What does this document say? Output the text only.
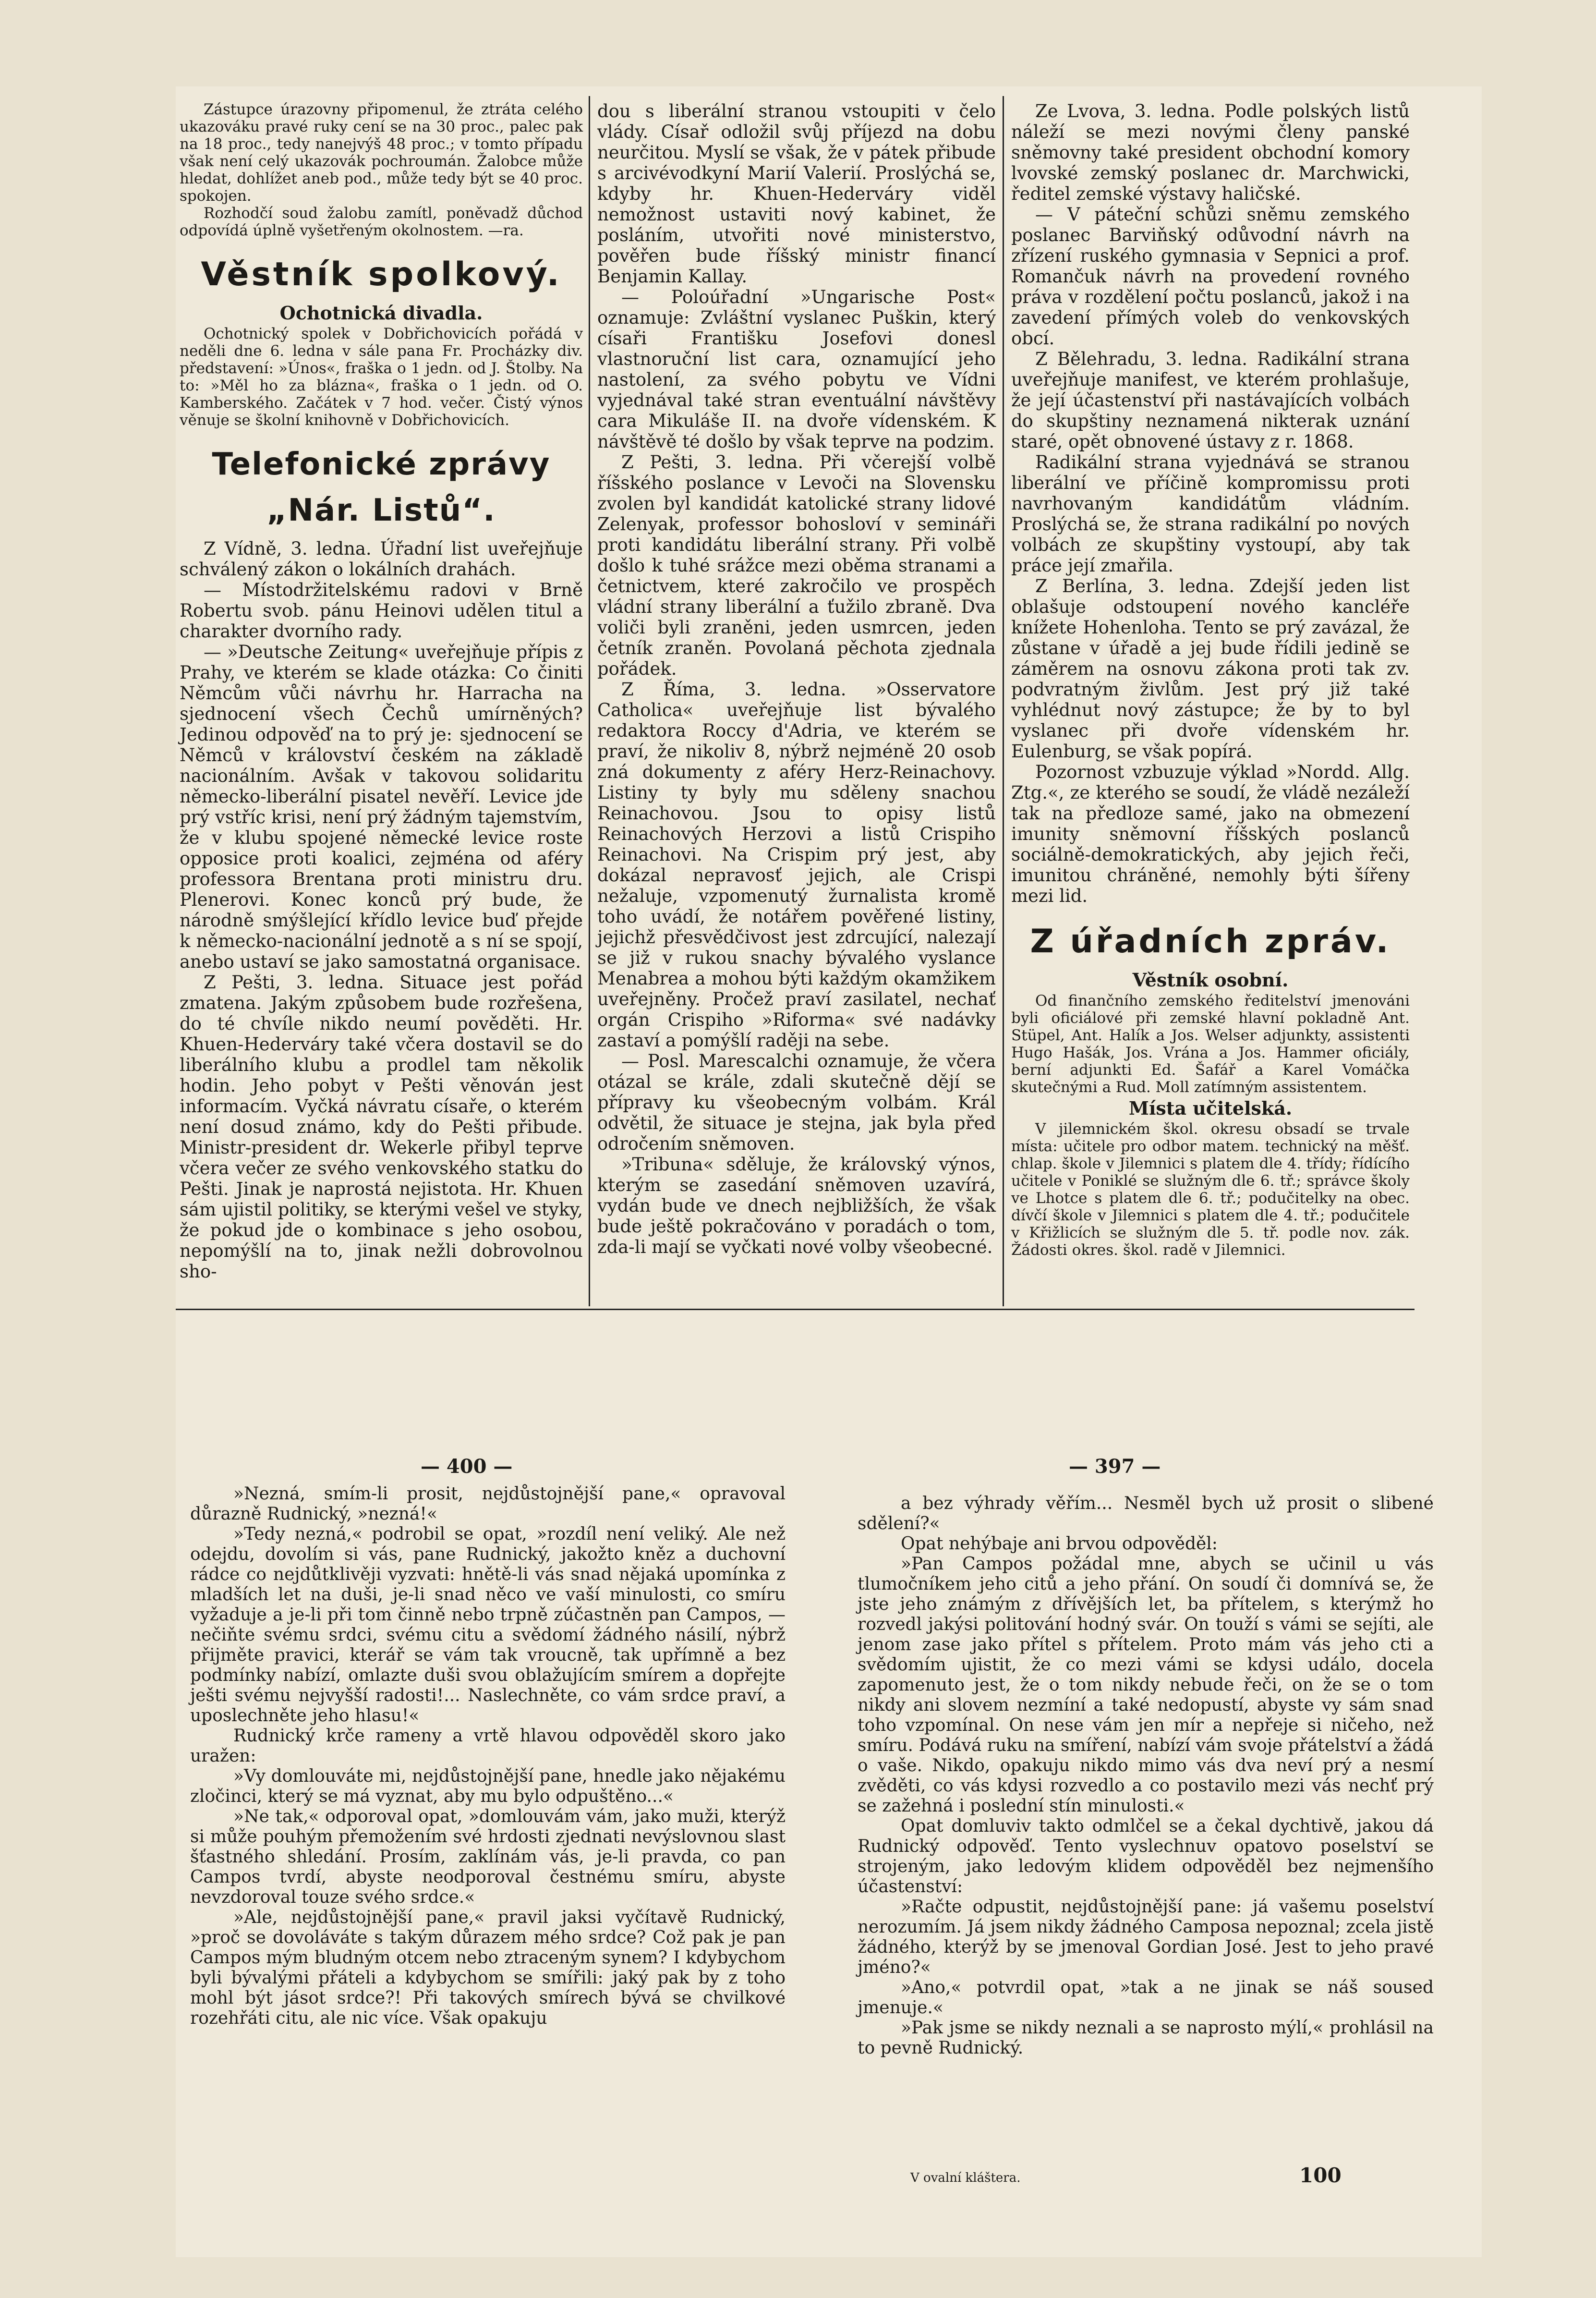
Zástupce úrazovny připomenul, že ztráta celého ukazováku pravé ruky cení se na 30 proc., palec pak na 18 proc., tedy nanejvýš 48 proc.; v tomto případu však není celý ukazovák pochroumán. Žalobce může hledat, dohlížet aneb pod., může tedy být se 40 proc. spokojen.

Rozhodčí soud žalobu zamítl, poněvadž důchod odpovídá úplně vyšetřeným okolnostem. —ra.

Věstník spolkový.
Ochotnická divadla.

Ochotnický spolek v Dobřichovicích pořádá v neděli dne 6. ledna v sále pana Fr. Procházky div. představení: »Únos«, fraška o 1 jedn. od J. Štolby. Na to: »Měl ho za blázna«, fraška o 1 jedn. od O. Kamberského. Začátek v 7 hod. večer. Čistý výnos věnuje se školní knihovně v Dobřichovicích.

Telefonické zprávy „Nár. Listů“.

Z Vídně, 3. ledna. Úřadní list uveřejňuje schválený zákon o lokálních drahách.

— Místodržitelskému radovi v Brně Robertu svob. pánu Heinovi udělen titul a charakter dvorního rady.

— »Deutsche Zeitung« uveřejňuje přípis z Prahy, ve kterém se klade otázka: Co činiti Němcům vůči návrhu hr. Harracha na sjednocení všech Čechů umírněných? Jedinou odpověď na to prý je: sjednocení se Němců v království českém na základě nacionálním. Avšak v takovou solidaritu německo-liberální pisatel nevěří. Levice jde prý vstříc krisi, není prý žádným tajemstvím, že v klubu spojené německé levice roste opposice proti koalici, zejména od aféry professora Brentana proti ministru dru. Plenerovi. Konec konců prý bude, že národně smýšlející křídlo levice buď přejde k německo-nacionální jednotě a s ní se spojí, anebo ustaví se jako samostatná organisace.

Z Pešti, 3. ledna. Situace jest pořád zmatena. Jakým způsobem bude rozřešena, do té chvíle nikdo neumí pověděti. Hr. Khuen-Hederváry také včera dostavil se do liberálního klubu a prodlel tam několik hodin. Jeho pobyt v Pešti věnován jest informacím. Vyčká návratu císaře, o kterém není dosud známo, kdy do Pešti přibude. Ministr-president dr. Wekerle přibyl teprve včera večer ze svého venkovského statku do Pešti. Jinak je naprostá nejistota. Hr. Khuen sám ujistil politiky, se kterými vešel ve styky, že pokud jde o kombinace s jeho osobou, nepomýšlí na to, jinak nežli dobrovolnou sho-

dou s liberální stranou vstoupiti v čelo vlády. Císař odložil svůj příjezd na dobu neurčitou. Myslí se však, že v pátek přibude s arcivévodkyní Marií Valerií. Proslýchá se, kdyby hr. Khuen-Hederváry viděl nemožnost ustaviti nový kabinet, že posláním, utvořiti nové ministerstvo, pověřen bude říšský ministr financí Benjamin Kallay.

— Poloúřadní »Ungarische Post« oznamuje: Zvláštní vyslanec Puškin, který císaři Františku Josefovi donesl vlastnoruční list cara, oznamující jeho nastolení, za svého pobytu ve Vídni vyjednával také stran eventuální návštěvy cara Mikuláše II. na dvoře vídenském. K návštěvě té došlo by však teprve na podzim.

Z Pešti, 3. ledna. Při včerejší volbě říšského poslance v Levoči na Slovensku zvolen byl kandidát katolické strany lidové Zelenyak, professor bohosloví v semináři proti kandidátu liberální strany. Při volbě došlo k tuhé srážce mezi oběma stranami a četnictvem, které zakročilo ve prospěch vládní strany liberální a ťužilo zbraně. Dva voliči byli zraněni, jeden usmrcen, jeden četník zraněn. Povolaná pěchota zjednala pořádek.

Z Říma, 3. ledna. »Osservatore Catholica« uveřejňuje list bývalého redaktora Roccy d'Adria, ve kterém se praví, že nikoliv 8, nýbrž nejméně 20 osob zná dokumenty z aféry Herz-Reinachovy. Listiny ty byly mu sděleny snachou Reinachovou. Jsou to opisy listů Reinachových Herzovi a listů Crispiho Reinachovi. Na Crispim prý jest, aby dokázal nepravosť jejich, ale Crispi nežaluje, vzpomenutý žurnalista kromě toho uvádí, že notářem pověřené listiny, jejichž přesvědčivost jest zdrcující, nalezají se již v rukou snachy bývalého vyslance Menabrea a mohou býti každým okamžikem uveřejněny. Pročež praví zasilatel, nechať orgán Crispiho »Riforma« své nadávky zastaví a pomýšlí raději na sebe.

— Posl. Marescalchi oznamuje, že včera otázal se krále, zdali skutečně dějí se přípravy ku všeobecným volbám. Král odvětil, že situace je stejna, jak byla před odročením sněmoven.

»Tribuna« sděluje, že královský výnos, kterým se zasedání sněmoven uzavírá, vydán bude ve dnech nejbližších, že však bude ještě pokračováno v poradách o tom, zda-li mají se vyčkati nové volby všeobecné.

Ze Lvova, 3. ledna. Podle polských listů náleží se mezi novými členy panské sněmovny také president obchodní komory lvovské zemský poslanec dr. Marchwicki, ředitel zemské výstavy haličské.

— V páteční schůzi sněmu zemského poslanec Barviňský odůvodní návrh na zřízení ruského gymnasia v Sepnici a prof. Romančuk návrh na provedení rovného práva v rozdělení počtu poslanců, jakož i na zavedení přímých voleb do venkovských obcí.

Z Bělehradu, 3. ledna. Radikální strana uveřejňuje manifest, ve kterém prohlašuje, že její účastenství při nastávajících volbách do skupštiny neznamená nikterak uznání staré, opět obnovené ústavy z r. 1868.

Radikální strana vyjednává se stranou liberální ve příčině kompromissu proti navrhovaným kandidátům vládním. Proslýchá se, že strana radikální po nových volbách ze skupštiny vystoupí, aby tak práce její zmařila.

Z Berlína, 3. ledna. Zdejší jeden list oblašuje odstoupení nového kancléře knížete Hohenloha. Tento se prý zavázal, že zůstane v úřadě a jej bude řídili jedině se záměrem na osnovu zákona proti tak zv. podvratným živlům. Jest prý již také vyhlédnut nový zástupce; že by to byl vyslanec při dvoře vídenském hr. Eulenburg, se však popírá.

Pozornost vzbuzuje výklad »Nordd. Allg. Ztg.«, ze kterého se soudí, že vládě nezáleží tak na předloze samé, jako na obmezení imunity sněmovní říšských poslanců sociálně-demokratických, aby jejich řeči, imunitou chráněné, nemohly býti šířeny mezi lid.

Z úřadních zpráv.
Věstník osobní.

Od finančního zemského ředitelství jmenováni byli oficiálové při zemské hlavní pokladně Ant. Stüpel, Ant. Halík a Jos. Welser adjunkty, assistenti Hugo Hašák, Jos. Vrána a Jos. Hammer oficiály, berní adjunkti Ed. Šafář a Karel Vomáčka skutečnými a Rud. Moll zatímným assistentem.

Místa učitelská.

V jilemnickém škol. okresu obsadí se trvale místa: učitele pro odbor matem. technický na měšť. chlap. škole v Jilemnici s platem dle 4. třídy; řídícího učitele v Poniklé se služným dle 6. tř.; správce školy ve Lhotce s platem dle 6. tř.; podučitelky na obec. dívčí škole v Jilemnici s platem dle 4. tř.; podučitele v Křižlicích se služným dle 5. tř. podle nov. zák. Žádosti okres. škol. radě v Jilemnici.

— 400 —	— 397 —

»Nezná, smím-li prosit, nejdůstojnější pane,« opravoval důrazně Rudnický, »nezná!«

»Tedy nezná,« podrobil se opat, »rozdíl není veliký. Ale než odejdu, dovolím si vás, pane Rudnický, jakožto kněz a duchovní rádce co nejdůtklivěji vyzvati: hnětě-li vás snad nějaká upomínka z mladších let na duši, je-li snad něco ve vaší minulosti, co smíru vyžaduje a je-li při tom činně nebo trpně zúčastněn pan Campos, — nečiňte svému srdci, svému citu a svědomí žádného násilí, nýbrž přijměte pravici, kterář se vám tak vroucně, tak upřímně a bez podmínky nabízí, omlazte duši svou oblažujícím smírem a dopřejte ješti svému nejvyšší radosti!... Naslechněte, co vám srdce praví, a uposlechněte jeho hlasu!«

Rudnický krče rameny a vrtě hlavou odpověděl skoro jako uražen:

»Vy domlouváte mi, nejdůstojnější pane, hnedle jako nějakému zločinci, který se má vyznat, aby mu bylo odpuštěno...«

»Ne tak,« odporoval opat, »domlouvám vám, jako muži, kterýž si může pouhým přemožením své hrdosti zjednati nevýslovnou slast šťastného shledání. Prosím, zaklínám vás, je-li pravda, co pan Campos tvrdí, abyste neodporoval čestnému smíru, abyste nevzdoroval touze svého srdce.«

»Ale, nejdůstojnější pane,« pravil jaksi vyčítavě Rudnický, »proč se dovoláváte s takým důrazem mého srdce? Což pak je pan Campos mým bludným otcem nebo ztraceným synem? I kdybychom byli bývalými přáteli a kdybychom se smířili: jaký pak by z toho mohl být jásot srdce?! Při takových smírech bývá se chvilkové rozehřáti citu, ale nic více. Však opakuju

a bez výhrady věřím... Nesměl bych už prosit o slibené sdělení?«

Opat nehýbaje ani brvou odpověděl:

»Pan Campos požádal mne, abych se učinil u vás tlumočníkem jeho citů a jeho přání. On soudí či domnívá se, že jste jeho známým z dřívějších let, ba přítelem, s kterýmž ho rozvedl jakýsi politování hodný svár. On touží s vámi se sejíti, ale jenom zase jako přítel s přítelem. Proto mám vás jeho cti a svědomím ujistit, že co mezi vámi se kdysi událo, docela zapomenuto jest, že o tom nikdy nebude řeči, on že se o tom nikdy ani slovem nezmíní a také nedopustí, abyste vy sám snad toho vzpomínal. On nese vám jen mír a nepřeje si ničeho, než smíru. Podává ruku na smíření, nabízí vám svoje přátelství a žádá o vaše. Nikdo, opakuju nikdo mimo vás dva neví prý a nesmí zvěděti, co vás kdysi rozvedlo a co postavilo mezi vás nechť prý se zažehná i poslední stín minulosti.«

Opat domluviv takto odmlčel se a čekal dychtivě, jakou dá Rudnický odpověď. Tento vyslechnuv opatovo poselství se strojeným, jako ledovým klidem odpověděl bez nejmenšího účastenství:

»Račte odpustit, nejdůstojnější pane: já vašemu poselství nerozumím. Já jsem nikdy žádného Camposa nepoznal; zcela jistě žádného, kterýž by se jmenoval Gordian José. Jest to jeho pravé jméno?«

»Ano,« potvrdil opat, »tak a ne jinak se náš soused jmenuje.«

»Pak jsme se nikdy neznali a se naprosto mýlí,« prohlásil na to pevně Rudnický.

V ovalní kláštera.	100
